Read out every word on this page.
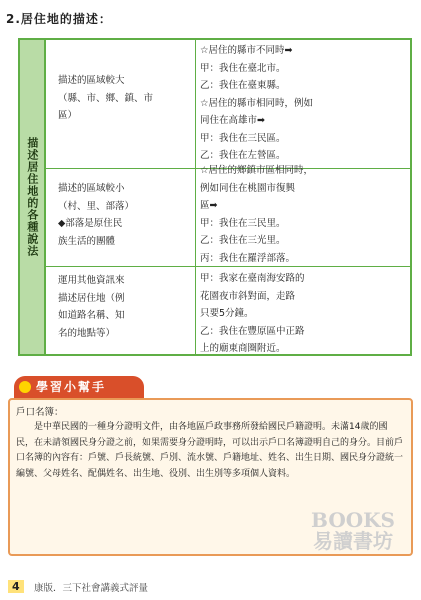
2.居住地的描述：
描述居住地的各種說法
描述的區域較大
（縣、市、鄉、鎮、市
區）
☆居住的縣市不同時➡
甲：我住在臺北市。
乙：我住在臺東縣。
☆居住的縣市相同時，例如
同住在高雄市➡
甲：我住在三民區。
乙：我住在左營區。
描述的區域較小
（村、里、部落）
◆部落是原住民
族生活的團體
☆居住的鄉鎮市區相同時，
例如同住在桃園市復興
區➡
甲：我住在三民里。
乙：我住在三光里。
丙：我住在羅浮部落。
運用其他資訊來
描述居住地（例
如道路名稱、知
名的地點等）
甲：我家在臺南海安路的
花園夜市斜對面，走路
只要5分鐘。
乙：我住在豐原區中正路
上的廟東商圈附近。
學習小幫手
戶口名簿：

是中華民國的一種身分證明文件，由各地區戶政事務所發給國民戶籍證明。未滿14歲的國民，在未請領國民身分證之前，如果需要身分證明時，可以出示戶口名簿證明自己的身分。目前戶口名簿的內容有：戶號、戶長統號、戶別、流水號、戶籍地址、姓名、出生日期、國民身分證統一編號、父母姓名、配偶姓名、出生地、役別、出生別等多項個人資料。

BOOKS
易讀書坊
4	康版．三下社會講義式評量
